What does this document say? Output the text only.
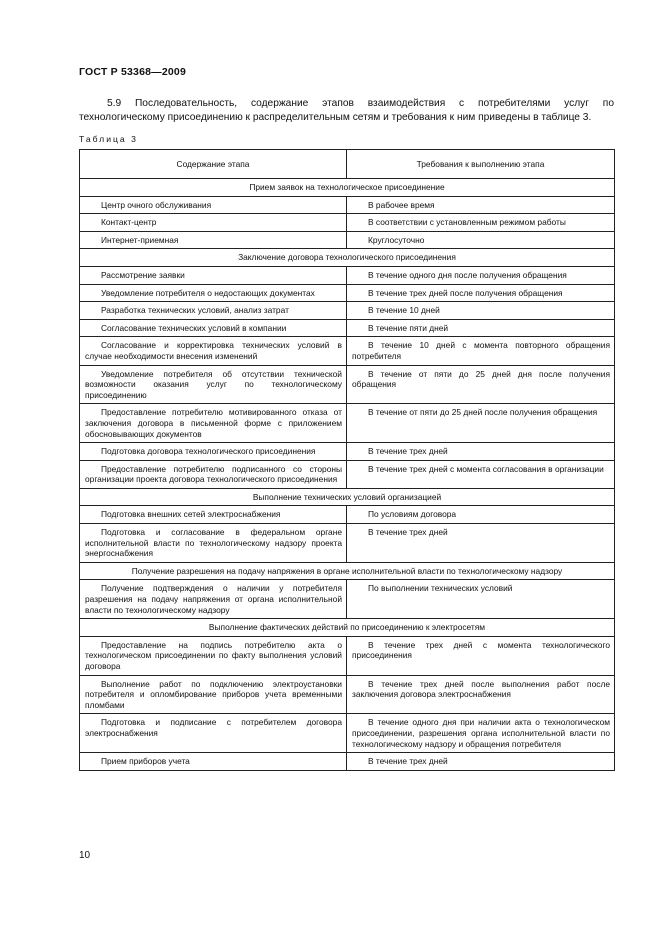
ГОСТ Р 53368—2009
5.9 Последовательность, содержание этапов взаимодействия с потребителями услуг по технологическому присоединению к распределительным сетям и требования к ним приведены в таблице 3.
Таблица 3
Содержание этапа	Требования к выполнению этапа
Прием заявок на технологическое присоединение	
Центр очного обслуживания	В рабочее время
Контакт-центр	В соответствии с установленным режимом работы
Интернет-приемная	Круглосуточно
Заключение договора технологического присоединения	
Рассмотрение заявки	В течение одного дня после получения обращения
Уведомление потребителя о недостающих документах	В течение трех дней после получения обращения
Разработка технических условий, анализ затрат	В течение 10 дней
Согласование технических условий в компании	В течение пяти дней
Согласование и корректировка технических условий в случае необходимости внесения изменений	В течение 10 дней с момента повторного обращения потребителя
Уведомление потребителя об отсутствии технической возможности оказания услуг по технологическому присоединению	В течение от пяти до 25 дней дня после получения обращения
Предоставление потребителю мотивированного отказа от заключения договора в письменной форме с приложением обосновывающих документов	В течение от пяти до 25 дней после получения обращения
Подготовка договора технологического присоединения	В течение трех дней
Предоставление потребителю подписанного со стороны организации проекта договора технологического присоединения	В течение трех дней с момента согласования в организации
Выполнение технических условий организацией	
Подготовка внешних сетей электроснабжения	По условиям договора
Подготовка и согласование в федеральном органе исполнительной власти по технологическому надзору проекта энергоснабжения	В течение трех дней
Получение разрешения на подачу напряжения в органе исполнительной власти по технологическому надзору	
Получение подтверждения о наличии у потребителя разрешения на подачу напряжения от органа исполнительной власти по технологическому надзору	По выполнении технических условий
Выполнение фактических действий по присоединению к электросетям	
Предоставление на подпись потребителю акта о технологическом присоединении по факту выполнения условий договора	В течение трех дней с момента технологического присоединения
Выполнение работ по подключению электроустановки потребителя и опломбирование приборов учета временными пломбами	В течение трех дней после выполнения работ после заключения договора электроснабжения
Подготовка и подписание с потребителем договора электроснабжения	В течение одного дня при наличии акта о технологическом присоединении, разрешения органа исполнительной власти по технологическому надзору и обращения потребителя
Прием приборов учета	В течение трех дней
10
